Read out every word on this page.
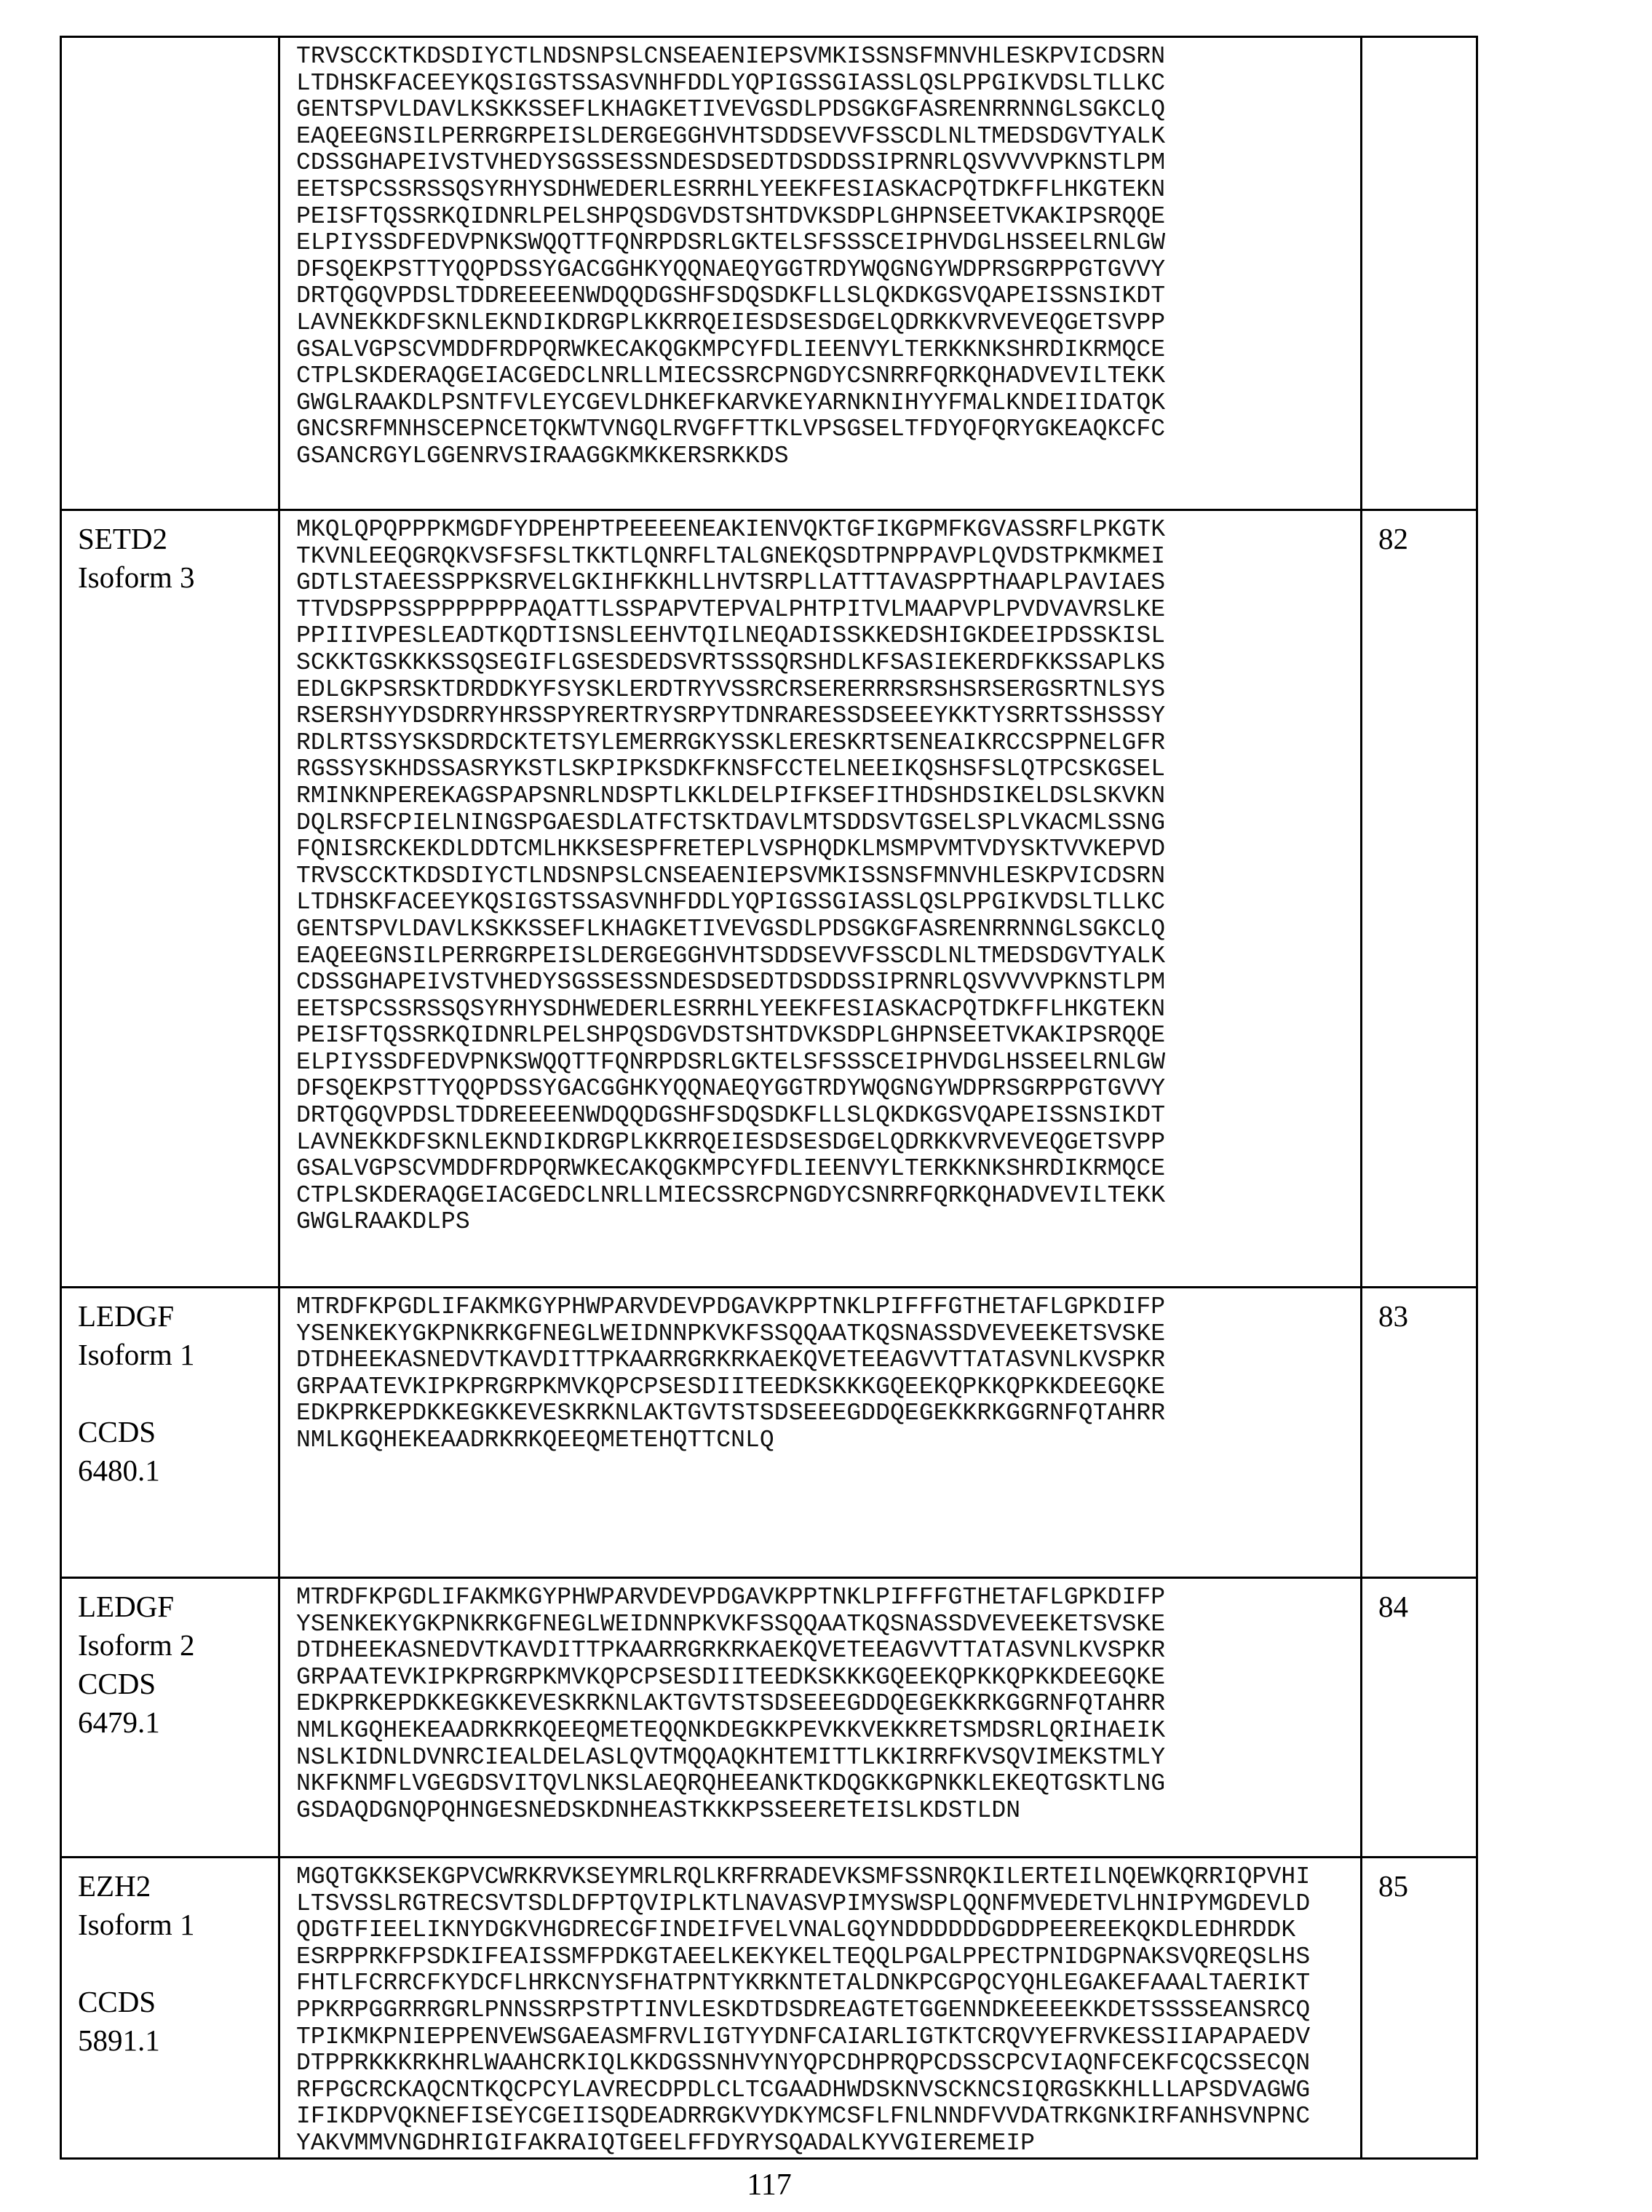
TRVSCCKTKDSDIYCTLNDSNPSLCNSEAENIEPSVMKISSNSFMNVHLESKPVICDSRN
LTDHSKFACEEYKQSIGSTSSASVNHFDDLYQPIGSSGIASSLQSLPPGIKVDSLTLLKC
GENTSPVLDAVLKSKKSSEFLKHAGKETIVEVGSDLPDSGKGFASRENRRNNGLSGKCLQ
EAQEEGNSILPERRGRPEISLDERGEGGHVHTSDDSEVVFSSCDLNLTMEDSDGVTYALK
CDSSGHAPEIVSTVHEDYSGSSESSNDESDSEDTDSDDSSIPRNRLQSVVVVPKNSTLPM
EETSPCSSRSSQSYRHYSDHWEDERLESRRHLYEEKFESIASKACPQTDKFFLHKGTEKN
PEISFTQSSRKQIDNRLPELSHPQSDGVDSTSHTDVKSDPLGHPNSEETVKAKIPSRQQE
ELPIYSSDFEDVPNKSWQQTTFQNRPDSRLGKTELSFSSSCEIPHVDGLHSSEELRNLGW
DFSQEKPSTTYQQPDSSYGACGGHKYQQNAEQYGGTRDYWQGNGYWDPRSGRPPGTGVVY
DRTQGQVPDSLTDDREEEENWDQQDGSHFSDQSDKFLLSLQKDKGSVQAPEISSNSIKDT
LAVNEKKDFSKNLEKNDIKDRGPLKKRRQEIESDSESDGELQDRKKVRVEVEQGETSVPP
GSALVGPSCVMDDFRDPQRWKECAKQGKMPCYFDLIEENVYLTERKKNKSHRDIKRMQCE
CTPLSKDERAQGEIACGEDCLNRLLMIECSSRCPNGDYCSNRRFQRKQHADVEVILTEKK
GWGLRAAKDLPSNTFVLEYCGEVLDHKEFKARVKEYARNKNIHYYFMALKNDEIIDATQK
GNCSRFMNHSCEPNCETQKWTVNGQLRVGFFTTKLVPSGSELTFDYQFQRYGKEAQKCFC
GSANCRGYLGGENRVSIRAAGGKMKKERSRKKDS

SETD2
Isoform 3

MKQLQPQPPPKMGDFYDPEHPTPEEEENEAKIENVQKTGFIKGPMFKGVASSRFLPKGTK
TKVNLEEQGRQKVSFSFSLTKKTLQNRFLTALGNEKQSDTPNPPAVPLQVDSTPKMKMEI
GDTLSTAEESSPPKSRVELGKIHFKKHLLHVTSRPLLATTTAVASPPTHAAPLPAVIAES
TTVDSPPSSPPPPPPPAQATTLSSPAPVTEPVALPHTPITVLMAAPVPLPVDVAVRSLKE
PPIIIVPESLEADTKQDTISNSLEEHVTQILNEQADISSKKEDSHIGKDEEIPDSSKISL
SCKKTGSKKKSSQSEGIFLGSESDEDSVRTSSSQRSHDLKFSASIEKERDFKKSSAPLKS
EDLGKPSRSKTDRDDKYFSYSKLERDTRYVSSRCRSERERRRSRSHSRSERGSRTNLSYS
RSERSHYYDSDRRYHRSSPYRERTRYSRPYTDNRARESSDSEEEYKKTYSRRTSSHSSSY
RDLRTSSYSKSDRDCKTETSYLEMERRGKYSSKLERESKRTSENEAIKRCCSPPNELGFR
RGSSYSKHDSSASRYKSTLSKPIPKSDKFKNSFCCTELNEEIKQSHSFSLQTPCSKGSEL
RMINKNPEREKAGSPAPSNRLNDSPTLKKLDELPIFKSEFITHDSHDSIKELDSLSKVKN
DQLRSFCPIELNINGSPGAESDLATFCTSKTDAVLMTSDDSVTGSELSPLVKACMLSSNG
FQNISRCKEKDLDDTCMLHKKSESPFRETEPLVSPHQDKLMSMPVMTVDYSKTVVKEPVD
TRVSCCKTKDSDIYCTLNDSNPSLCNSEAENIEPSVMKISSNSFMNVHLESKPVICDSRN
LTDHSKFACEEYKQSIGSTSSASVNHFDDLYQPIGSSGIASSLQSLPPGIKVDSLTLLKC
GENTSPVLDAVLKSKKSSEFLKHAGKETIVEVGSDLPDSGKGFASRENRRNNGLSGKCLQ
EAQEEGNSILPERRGRPEISLDERGEGGHVHTSDDSEVVFSSCDLNLTMEDSDGVTYALK
CDSSGHAPEIVSTVHEDYSGSSESSNDESDSEDTDSDDSSIPRNRLQSVVVVPKNSTLPM
EETSPCSSRSSQSYRHYSDHWEDERLESRRHLYEEKFESIASKACPQTDKFFLHKGTEKN
PEISFTQSSRKQIDNRLPELSHPQSDGVDSTSHTDVKSDPLGHPNSEETVKAKIPSRQQE
ELPIYSSDFEDVPNKSWQQTTFQNRPDSRLGKTELSFSSSCEIPHVDGLHSSEELRNLGW
DFSQEKPSTTYQQPDSSYGACGGHKYQQNAEQYGGTRDYWQGNGYWDPRSGRPPGTGVVY
DRTQGQVPDSLTDDREEEENWDQQDGSHFSDQSDKFLLSLQKDKGSVQAPEISSNSIKDT
LAVNEKKDFSKNLEKNDIKDRGPLKKRRQEIESDSESDGELQDRKKVRVEVEQGETSVPP
GSALVGPSCVMDDFRDPQRWKECAKQGKMPCYFDLIEENVYLTERKKNKSHRDIKRMQCE
CTPLSKDERAQGEIACGEDCLNRLLMIECSSRCPNGDYCSNRRFQRKQHADVEVILTEKK
GWGLRAAKDLPS
	82

LEDGF
Isoform 1
CCDS
6480.1

MTRDFKPGDLIFAKMKGYPHWPARVDEVPDGAVKPPTNKLPIFFFGTHETAFLGPKDIFP
YSENKEKYGKPNKRKGFNEGLWEIDNNPKVKFSSQQAATKQSNASSDVEVEEKETSVSKE
DTDHEEKASNEDVTKAVDITTPKAARRGRKRKAEKQVETEEAGVVTTATASVNLKVSPKR
GRPAATEVKIPKPRGRPKMVKQPCPSESDIITEEDKSKKKGQEEKQPKKQPKKDEEGQKE
EDKPRKEPDKKEGKKEVESKRKNLAKTGVTSTSDSEEEGDDQEGEKKRKGGRNFQTAHRR
NMLKGQHEKEAADRKRKQEEQMETEHQTTCNLQ
	83

LEDGF
Isoform 2
CCDS
6479.1

MTRDFKPGDLIFAKMKGYPHWPARVDEVPDGAVKPPTNKLPIFFFGTHETAFLGPKDIFP
YSENKEKYGKPNKRKGFNEGLWEIDNNPKVKFSSQQAATKQSNASSDVEVEEKETSVSKE
DTDHEEKASNEDVTKAVDITTPKAARRGRKRKAEKQVETEEAGVVTTATASVNLKVSPKR
GRPAATEVKIPKPRGRPKMVKQPCPSESDIITEEDKSKKKGQEEKQPKKQPKKDEEGQKE
EDKPRKEPDKKEGKKEVESKRKNLAKTGVTSTSDSEEEGDDQEGEKKRKGGRNFQTAHRR
NMLKGQHEKEAADRKRKQEEQMETEQQNKDEGKKPEVKKVEKKRETSMDSRLQRIHAEIK
NSLKIDNLDVNRCIEALDELASLQVTMQQAQKHTEMITTLKKIRRFKVSQVIMEKSTMLY
NKFKNMFLVGEGDSVITQVLNKSLAEQRQHEEANKTKDQGKKGPNKKLEKEQTGSKTLNG
GSDAQDGNQPQHNGESNEDSKDNHEASTKKKPSSEERETEISLKDSTLDN
	84

EZH2
Isoform 1
CCDS
5891.1

MGQTGKKSEKGPVCWRKRVKSEYMRLRQLKRFRRADEVKSMFSSNRQKILERTEILNQEWKQRRIQPVHI
LTSVSSLRGTRECSVTSDLDFPTQVIPLKTLNAVASVPIMYSWSPLQQNFMVEDETVLHNIPYMGDEVLD
QDGTFIEELIKNYDGKVHGDRECGFINDEIFVELVNALGQYNDDDDDDGDDPEEREEKQKDLEDHRDDK
ESRPPRKFPSDKIFEAISSMFPDKGTAEELKEKYKELTEQQLPGALPPECTPNIDGPNAKSVQREQSLHS
FHTLFCRRCFKYDCFLHRKCNYSFHATPNTYKRKNTETALDNKPCGPQCYQHLEGAKEFAAALTAERIKT
PPKRPGGRRRGRLPNNSSRPSTPTINVLESKDTDSDREAGTETGGENNDKEEEEKKDETSSSSEANSRCQ
TPIKMKPNIEPPENVEWSGAEASMFRVLIGTYYDNFCAIARLIGTKTCRQVYEFRVKESSIIAPAPAEDV
DTPPRKKKRKHRLWAAHCRKIQLKKDGSSNHVYNYQPCDHPRQPCDSSCPCVIAQNFCEKFCQCSSECQN
RFPGCRCKAQCNTKQCPCYLAVRECDPDLCLTCGAADHWDSKNVSCKNCSIQRGSKKHLLLAPSDVAGWG
IFIKDPVQKNEFISEYCGEIISQDEADRRGKVYDKYMCSFLFNLNNDFVVDATRKGNKIRFANHSVNPNC
YAKVMMVNGDHRIGIFAKRAIQTGEELFFDYRYSQADALKYVGIEREMEIP
	85
117
